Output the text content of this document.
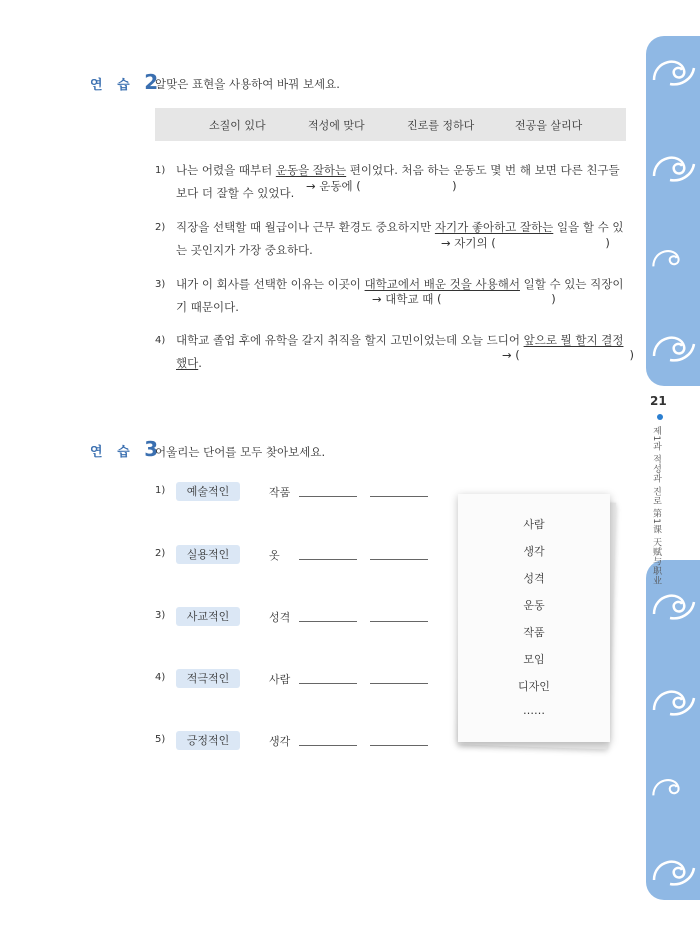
21
제1과 적성과 진로 第1课 天赋与职业
연 습 2
알맞은 표현을 사용하여 바꿔 보세요.
소질이 있다	적성에 맞다	진로를 정하다	전공을 살리다
1) 나는 어렸을 때부터 운동을 잘하는 편이었다. 처음 하는 운동도 몇 번 해 보면 다른 친구들보다 더 잘할 수 있었다.	→ 운동에 (                         )
2) 직장을 선택할 때 월급이나 근무 환경도 중요하지만 자기가 좋아하고 잘하는 일을 할 수 있는 곳인지가 가장 중요하다.	→ 자기의 (                              )
3) 내가 이 회사를 선택한 이유는 이곳이 대학교에서 배운 것을 사용해서 일할 수 있는 직장이기 때문이다.
→ 대학교 때 (                              )
4) 대학교 졸업 후에 유학을 갈지 취직을 할지 고민이었는데 오늘 드디어 앞으로 뭘 할지 결정했다.
→ (                              )
연 습 3
어울리는 단어를 모두 찾아보세요.
1)	예술적인	작품
2)	실용적인	옷
3)	사교적인	성격
4)	적극적인	사람
5)	긍정적인	생각
사람
생각
성격
운동
작품
모임
디자인
……
